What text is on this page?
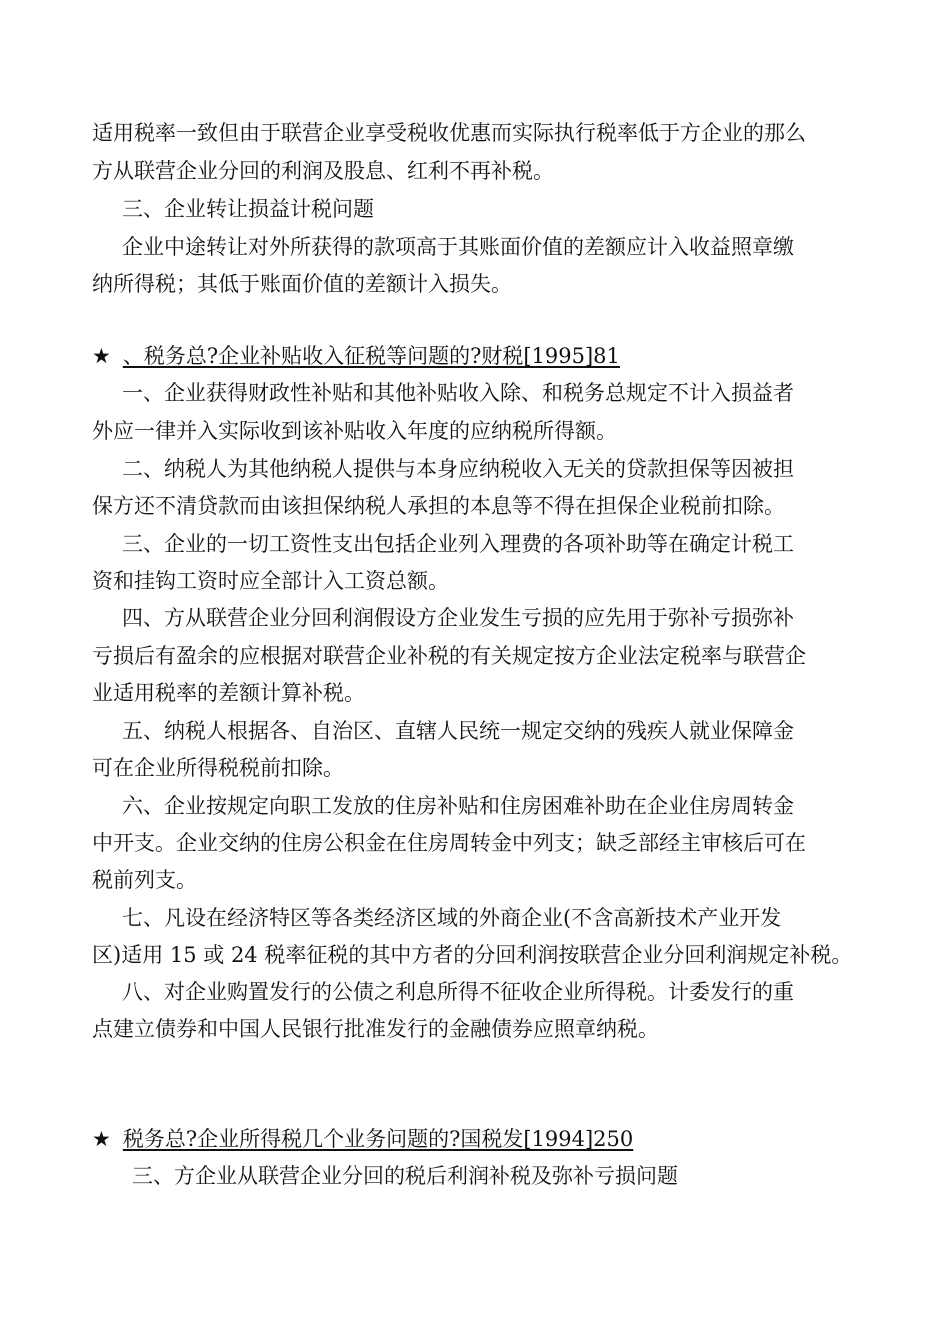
适用税率一致但由于联营企业享受税收优惠而实际执行税率低于方企业的那么
方从联营企业分回的利润及股息、红利不再补税。
三、企业转让损益计税问题
企业中途转让对外所获得的款项高于其账面价值的差额应计入收益照章缴
纳所得税；其低于账面价值的差额计入损失。
★ 、税务总?企业补贴收入征税等问题的?财税[1995]81
一、企业获得财政性补贴和其他补贴收入除、和税务总规定不计入损益者
外应一律并入实际收到该补贴收入年度的应纳税所得额。
二、纳税人为其他纳税人提供与本身应纳税收入无关的贷款担保等因被担
保方还不清贷款而由该担保纳税人承担的本息等不得在担保企业税前扣除。
三、企业的一切工资性支出包括企业列入理费的各项补助等在确定计税工
资和挂钩工资时应全部计入工资总额。
四、方从联营企业分回利润假设方企业发生亏损的应先用于弥补亏损弥补
亏损后有盈余的应根据对联营企业补税的有关规定按方企业法定税率与联营企
业适用税率的差额计算补税。
五、纳税人根据各、自治区、直辖人民统一规定交纳的残疾人就业保障金
可在企业所得税税前扣除。
六、企业按规定向职工发放的住房补贴和住房困难补助在企业住房周转金
中开支。企业交纳的住房公积金在住房周转金中列支；缺乏部经主审核后可在
税前列支。
七、凡设在经济特区等各类经济区域的外商企业(不含高新技术产业开发
区)适用 15 或 24 税率征税的其中方者的分回利润按联营企业分回利润规定补税。
八、对企业购置发行的公债之利息所得不征收企业所得税。计委发行的重
点建立债券和中国人民银行批准发行的金融债券应照章纳税。
★ 税务总?企业所得税几个业务问题的?国税发[1994]250
三、方企业从联营企业分回的税后利润补税及弥补亏损问题
